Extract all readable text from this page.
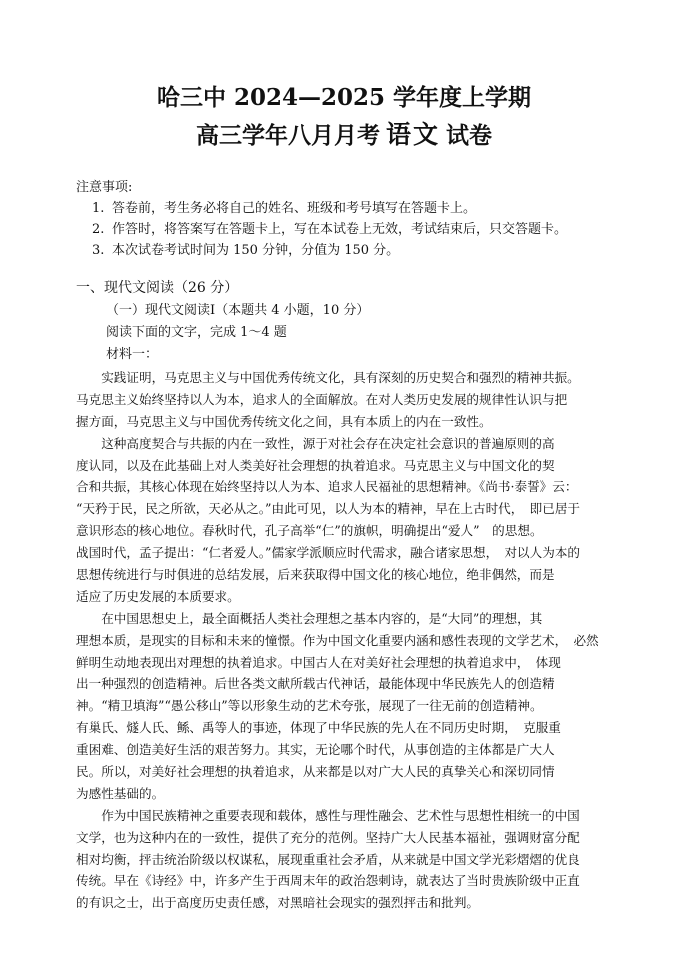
哈三中 2024—2025 学年度上学期
高三学年八月月考 语文 试卷
注意事项:
1. 答卷前，考生务必将自己的姓名、班级和考号填写在答题卡上。
2. 作答时，将答案写在答题卡上，写在本试卷上无效，考试结束后，只交答题卡。
3. 本次试卷考试时间为 150 分钟，分值为 150 分。
一、现代文阅读（26 分）
（一）现代文阅读Ⅰ（本题共 4 小题，10 分）
阅读下面的文字，完成 1～4 题
材料一：
　　实践证明，马克思主义与中国优秀传统文化，具有深刻的历史契合和强烈的精神共振。
马克思主义始终坚持以人为本，追求人的全面解放。在对人类历史发展的规律性认识与把
握方面，马克思主义与中国优秀传统文化之间，具有本质上的内在一致性。
　　这种高度契合与共振的内在一致性，源于对社会存在决定社会意识的普遍原则的高
度认同，以及在此基础上对人类美好社会理想的执着追求。马克思主义与中国文化的契
合和共振，其核心体现在始终坚持以人为本、追求人民福祉的思想精神。《尚书·泰誓》云：
“天矜于民，民之所欲，天必从之。”由此可见，以人为本的精神，早在上古时代，　即已居于
意识形态的核心地位。春秋时代，孔子高举“仁”的旗帜，明确提出“爱人”　的思想。
战国时代，孟子提出：“仁者爱人。”儒家学派顺应时代需求，融合诸家思想，　对以人为本的
思想传统进行与时俱进的总结发展，后来获取得中国文化的核心地位，绝非偶然，而是
适应了历史发展的本质要求。
　　在中国思想史上，最全面概括人类社会理想之基本内容的，是“大同”的理想，其
理想本质，是现实的目标和未来的憧憬。作为中国文化重要内涵和感性表现的文学艺术，　必然
鲜明生动地表现出对理想的执着追求。中国古人在对美好社会理想的执着追求中，　体现
出一种强烈的创造精神。后世各类文献所载古代神话，最能体现中华民族先人的创造精
神。“精卫填海”“愚公移山”等以形象生动的艺术夸张，展现了一往无前的创造精神。
有巢氏、燧人氏、鲧、禹等人的事迹，体现了中华民族的先人在不同历史时期，　克服重
重困难、创造美好生活的艰苦努力。其实，无论哪个时代，从事创造的主体都是广大人
民。所以，对美好社会理想的执着追求，从来都是以对广大人民的真挚关心和深切同情
为感性基础的。
　　作为中国民族精神之重要表现和载体，感性与理性融会、艺术性与思想性相统一的中国
文学，也为这种内在的一致性，提供了充分的范例。坚持广大人民基本福祉，强调财富分配
相对均衡，抨击统治阶级以权谋私，展现重重社会矛盾，从来就是中国文学光彩熠熠的优良
传统。早在《诗经》中，许多产生于西周末年的政治怨刺诗，就表达了当时贵族阶级中正直
的有识之士，出于高度历史责任感，对黑暗社会现实的强烈抨击和批判。
